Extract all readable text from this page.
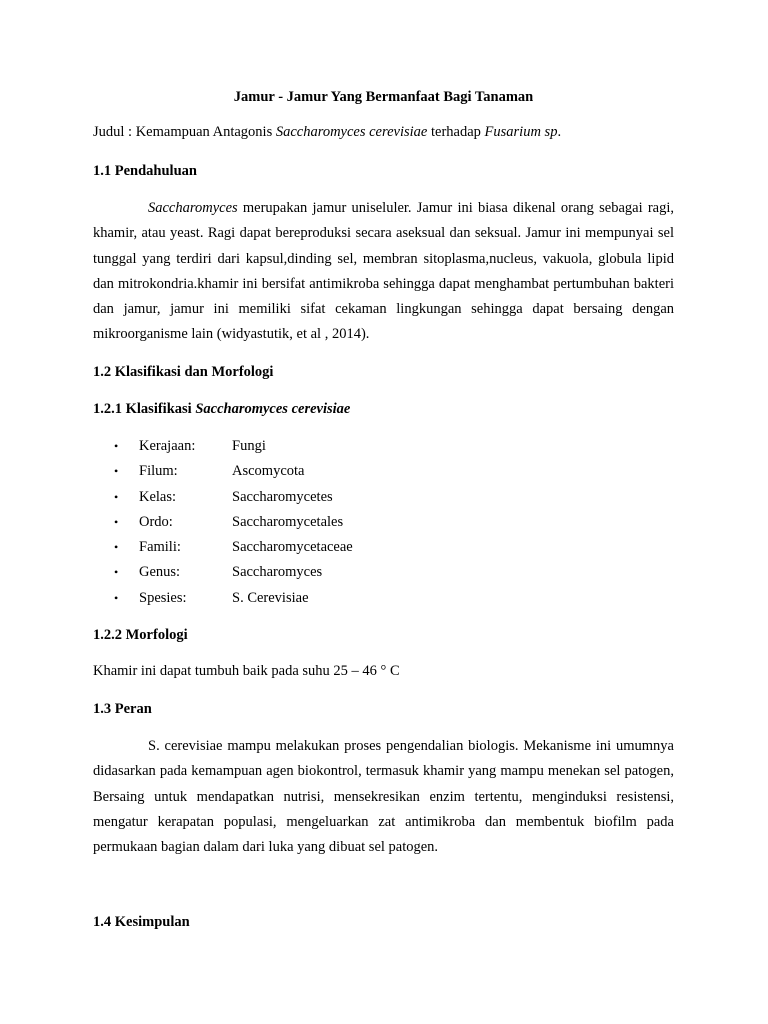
Jamur - Jamur Yang Bermanfaat Bagi Tanaman

Judul : Kemampuan Antagonis Saccharomyces cerevisiae terhadap Fusarium sp.

1.1 Pendahuluan

Saccharomyces merupakan jamur uniseluler. Jamur ini biasa dikenal orang sebagai ragi, khamir, atau yeast. Ragi dapat bereproduksi secara aseksual dan seksual. Jamur ini mempunyai sel tunggal yang terdiri dari kapsul,dinding sel, membran sitoplasma,nucleus, vakuola, globula lipid dan mitrokondria.khamir ini bersifat antimikroba sehingga dapat menghambat pertumbuhan bakteri dan jamur, jamur ini memiliki sifat cekaman lingkungan sehingga dapat bersaing dengan mikroorganisme lain (widyastutik, et al , 2014).

1.2 Klasifikasi dan Morfologi

1.2.1 Klasifikasi Saccharomyces cerevisiae

• Kerajaan:	Fungi
• Filum:	Ascomycota
• Kelas:	Saccharomycetes
• Ordo:	Saccharomycetales
• Famili:	Saccharomycetaceae
• Genus:	Saccharomyces
• Spesies:	S. Cerevisiae

1.2.2 Morfologi

Khamir ini dapat tumbuh baik pada suhu 25 – 46 ° C

1.3 Peran

S. cerevisiae mampu melakukan proses pengendalian biologis. Mekanisme ini umumnya didasarkan pada kemampuan agen biokontrol, termasuk khamir yang mampu menekan sel patogen, Bersaing untuk mendapatkan nutrisi, mensekresikan enzim tertentu, menginduksi resistensi, mengatur kerapatan populasi, mengeluarkan zat antimikroba dan membentuk biofilm pada permukaan bagian dalam dari luka yang dibuat sel patogen.

1.4 Kesimpulan
